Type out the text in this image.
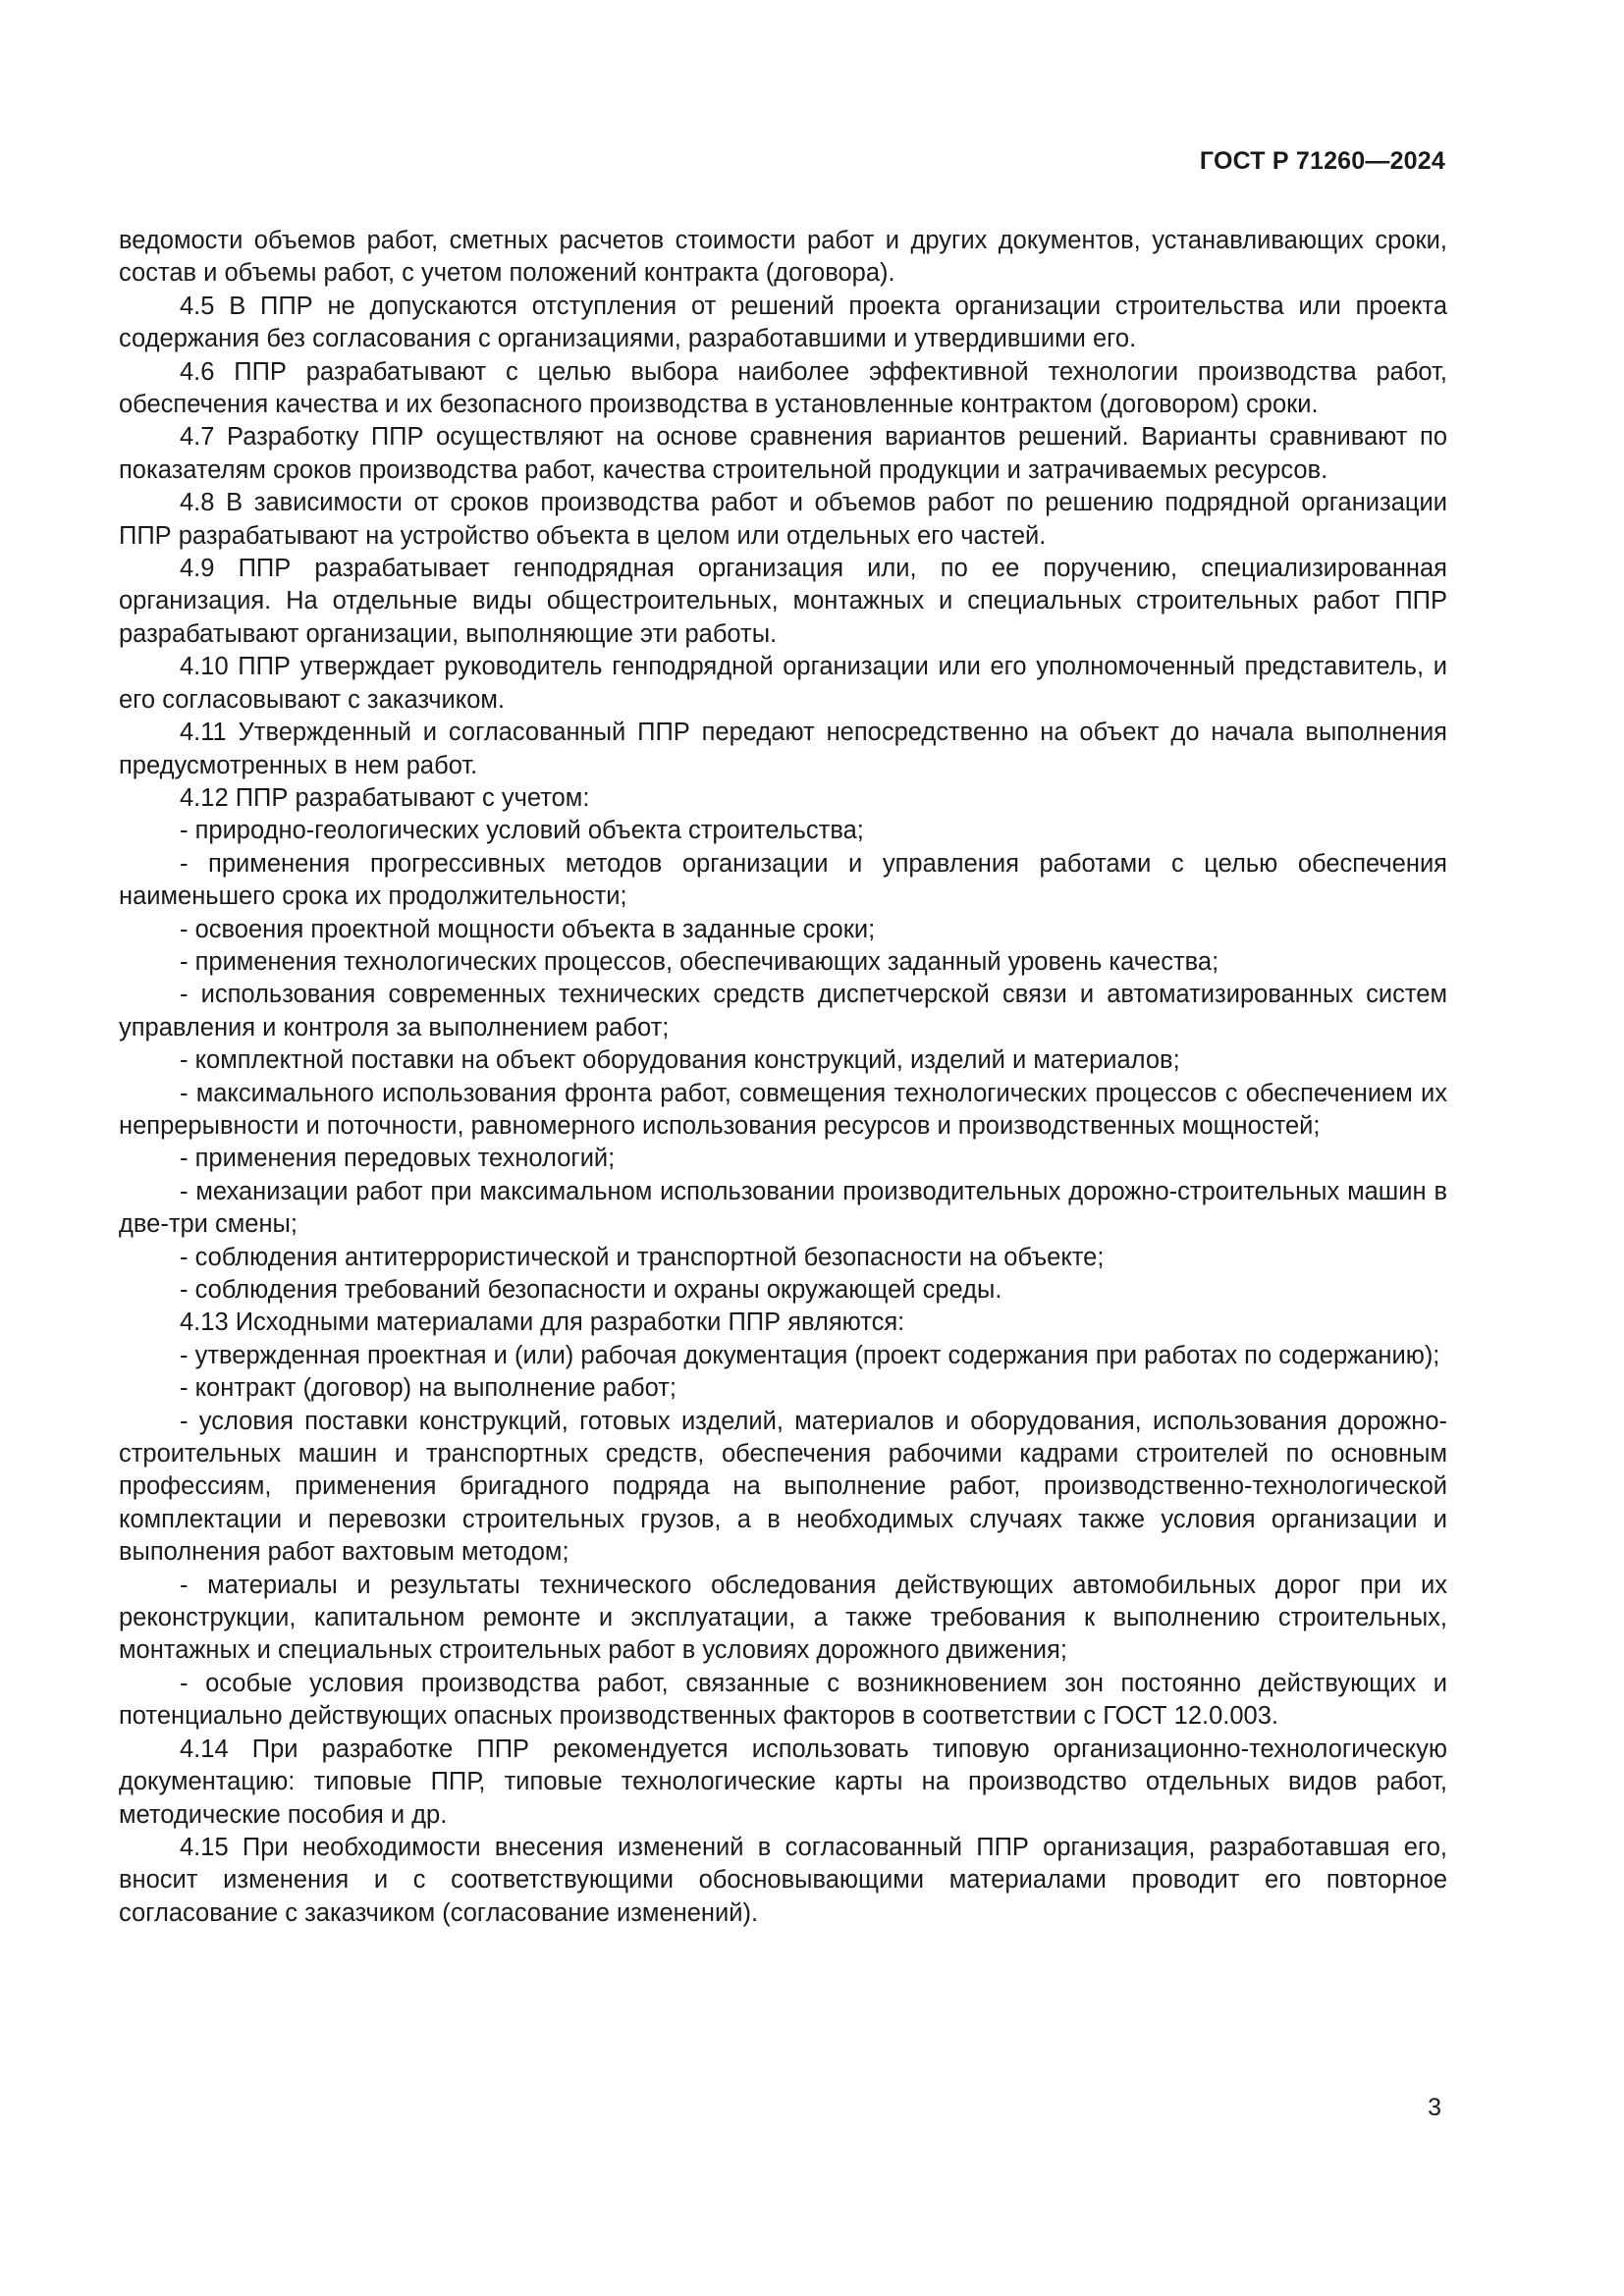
ГОСТ Р 71260—2024

ведомости объемов работ, сметных расчетов стоимости работ и других документов, устанавливающих сроки, состав и объемы работ, с учетом положений контракта (договора).

4.5 В ППР не допускаются отступления от решений проекта организации строительства или проекта содержания без согласования с организациями, разработавшими и утвердившими его.

4.6 ППР разрабатывают с целью выбора наиболее эффективной технологии производства работ, обеспечения качества и их безопасного производства в установленные контрактом (договором) сроки.

4.7 Разработку ППР осуществляют на основе сравнения вариантов решений. Варианты сравнивают по показателям сроков производства работ, качества строительной продукции и затрачиваемых ресурсов.

4.8 В зависимости от сроков производства работ и объемов работ по решению подрядной организации ППР разрабатывают на устройство объекта в целом или отдельных его частей.

4.9 ППР разрабатывает генподрядная организация или, по ее поручению, специализированная организация. На отдельные виды общестроительных, монтажных и специальных строительных работ ППР разрабатывают организации, выполняющие эти работы.

4.10 ППР утверждает руководитель генподрядной организации или его уполномоченный представитель, и его согласовывают с заказчиком.

4.11 Утвержденный и согласованный ППР передают непосредственно на объект до начала выполнения предусмотренных в нем работ.

4.12 ППР разрабатывают с учетом:

- природно-геологических условий объекта строительства;

- применения прогрессивных методов организации и управления работами с целью обеспечения наименьшего срока их продолжительности;

- освоения проектной мощности объекта в заданные сроки;

- применения технологических процессов, обеспечивающих заданный уровень качества;

- использования современных технических средств диспетчерской связи и автоматизированных систем управления и контроля за выполнением работ;

- комплектной поставки на объект оборудования конструкций, изделий и материалов;

- максимального использования фронта работ, совмещения технологических процессов с обеспечением их непрерывности и поточности, равномерного использования ресурсов и производственных мощностей;

- применения передовых технологий;

- механизации работ при максимальном использовании производительных дорожно-строительных машин в две-три смены;

- соблюдения антитеррористической и транспортной безопасности на объекте;

- соблюдения требований безопасности и охраны окружающей среды.

4.13 Исходными материалами для разработки ППР являются:

- утвержденная проектная и (или) рабочая документация (проект содержания при работах по содержанию);

- контракт (договор) на выполнение работ;

- условия поставки конструкций, готовых изделий, материалов и оборудования, использования дорожно-строительных машин и транспортных средств, обеспечения рабочими кадрами строителей по основным профессиям, применения бригадного подряда на выполнение работ, производственно-технологической комплектации и перевозки строительных грузов, а в необходимых случаях также условия организации и выполнения работ вахтовым методом;

- материалы и результаты технического обследования действующих автомобильных дорог при их реконструкции, капитальном ремонте и эксплуатации, а также требования к выполнению строительных, монтажных и специальных строительных работ в условиях дорожного движения;

- особые условия производства работ, связанные с возникновением зон постоянно действующих и потенциально действующих опасных производственных факторов в соответствии с ГОСТ 12.0.003.

4.14 При разработке ППР рекомендуется использовать типовую организационно-технологическую документацию: типовые ППР, типовые технологические карты на производство отдельных видов работ, методические пособия и др.

4.15 При необходимости внесения изменений в согласованный ППР организация, разработавшая его, вносит изменения и с соответствующими обосновывающими материалами проводит его повторное согласование с заказчиком (согласование изменений).

3
